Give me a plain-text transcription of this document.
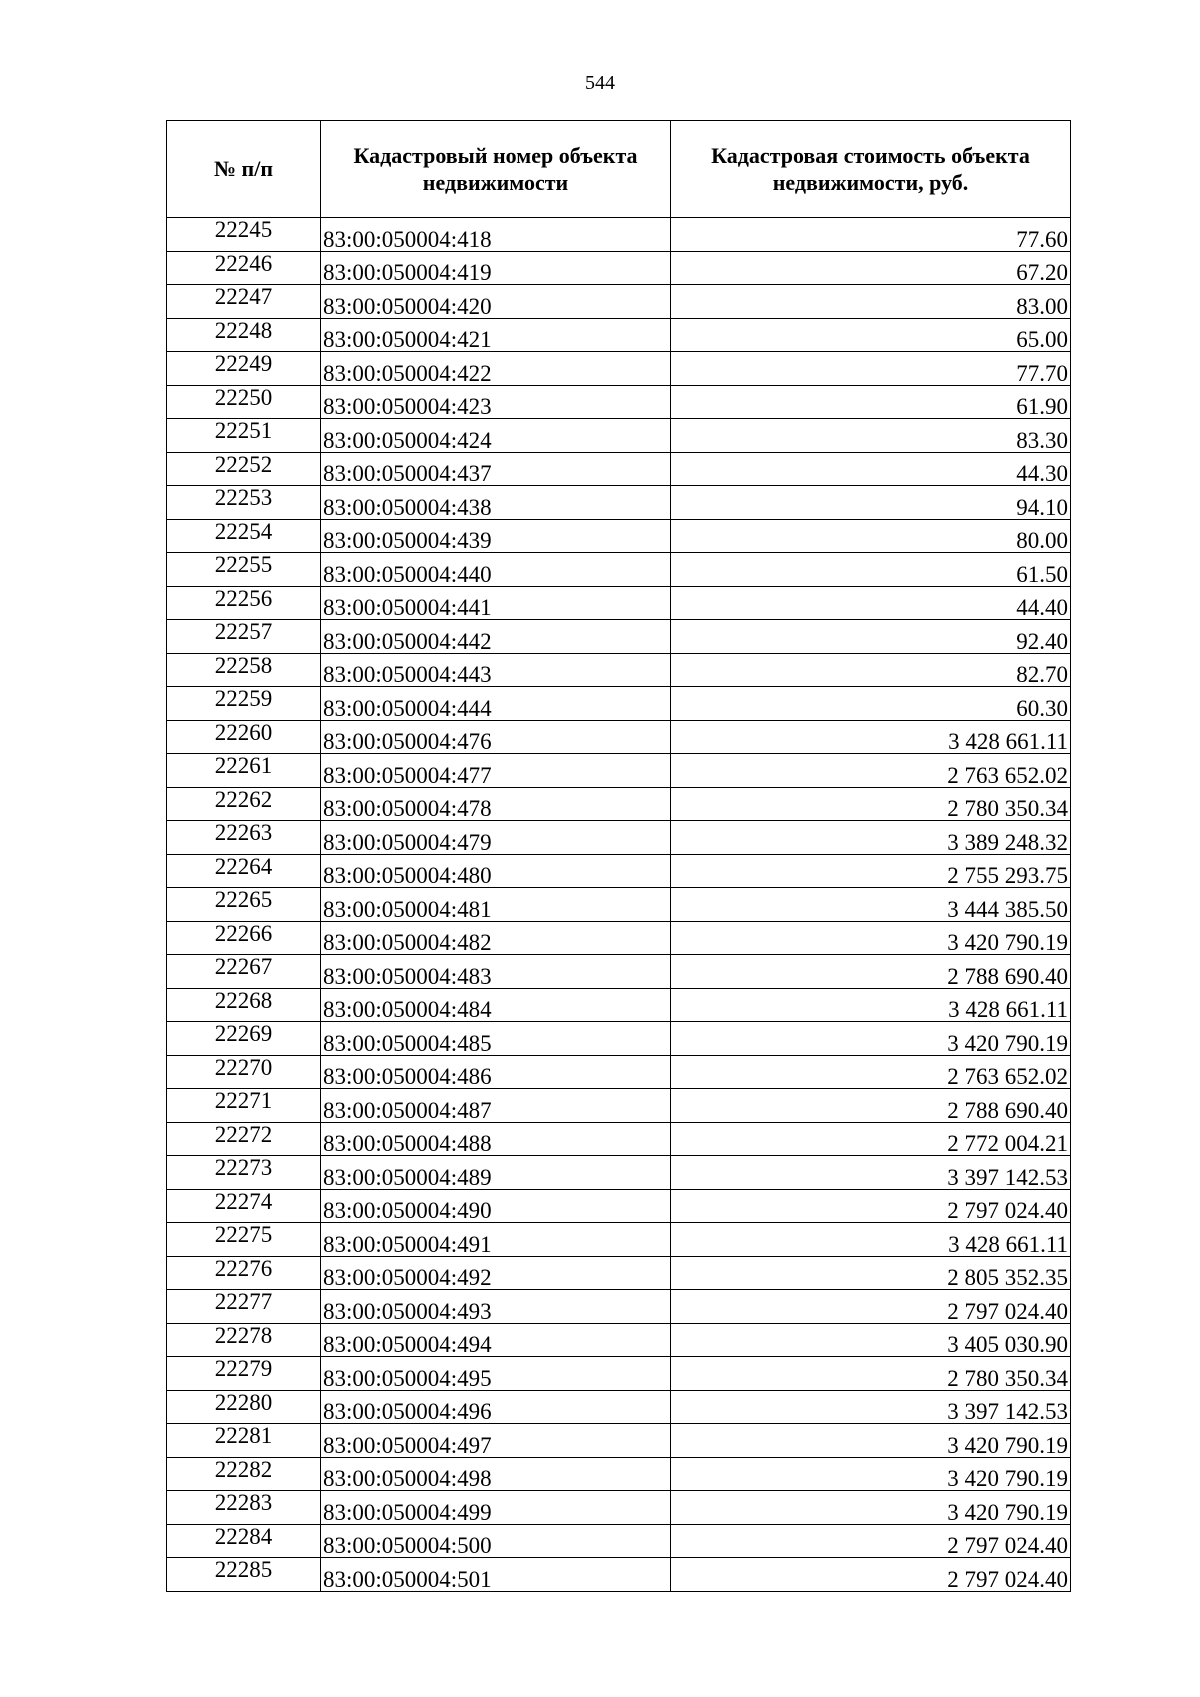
544
№ п/п	Кадастровый номер объекта недвижимости	Кадастровая стоимость объекта недвижимости, руб.
22245	83:00:050004:418	77.60
22246	83:00:050004:419	67.20
22247	83:00:050004:420	83.00
22248	83:00:050004:421	65.00
22249	83:00:050004:422	77.70
22250	83:00:050004:423	61.90
22251	83:00:050004:424	83.30
22252	83:00:050004:437	44.30
22253	83:00:050004:438	94.10
22254	83:00:050004:439	80.00
22255	83:00:050004:440	61.50
22256	83:00:050004:441	44.40
22257	83:00:050004:442	92.40
22258	83:00:050004:443	82.70
22259	83:00:050004:444	60.30
22260	83:00:050004:476	3 428 661.11
22261	83:00:050004:477	2 763 652.02
22262	83:00:050004:478	2 780 350.34
22263	83:00:050004:479	3 389 248.32
22264	83:00:050004:480	2 755 293.75
22265	83:00:050004:481	3 444 385.50
22266	83:00:050004:482	3 420 790.19
22267	83:00:050004:483	2 788 690.40
22268	83:00:050004:484	3 428 661.11
22269	83:00:050004:485	3 420 790.19
22270	83:00:050004:486	2 763 652.02
22271	83:00:050004:487	2 788 690.40
22272	83:00:050004:488	2 772 004.21
22273	83:00:050004:489	3 397 142.53
22274	83:00:050004:490	2 797 024.40
22275	83:00:050004:491	3 428 661.11
22276	83:00:050004:492	2 805 352.35
22277	83:00:050004:493	2 797 024.40
22278	83:00:050004:494	3 405 030.90
22279	83:00:050004:495	2 780 350.34
22280	83:00:050004:496	3 397 142.53
22281	83:00:050004:497	3 420 790.19
22282	83:00:050004:498	3 420 790.19
22283	83:00:050004:499	3 420 790.19
22284	83:00:050004:500	2 797 024.40
22285	83:00:050004:501	2 797 024.40
